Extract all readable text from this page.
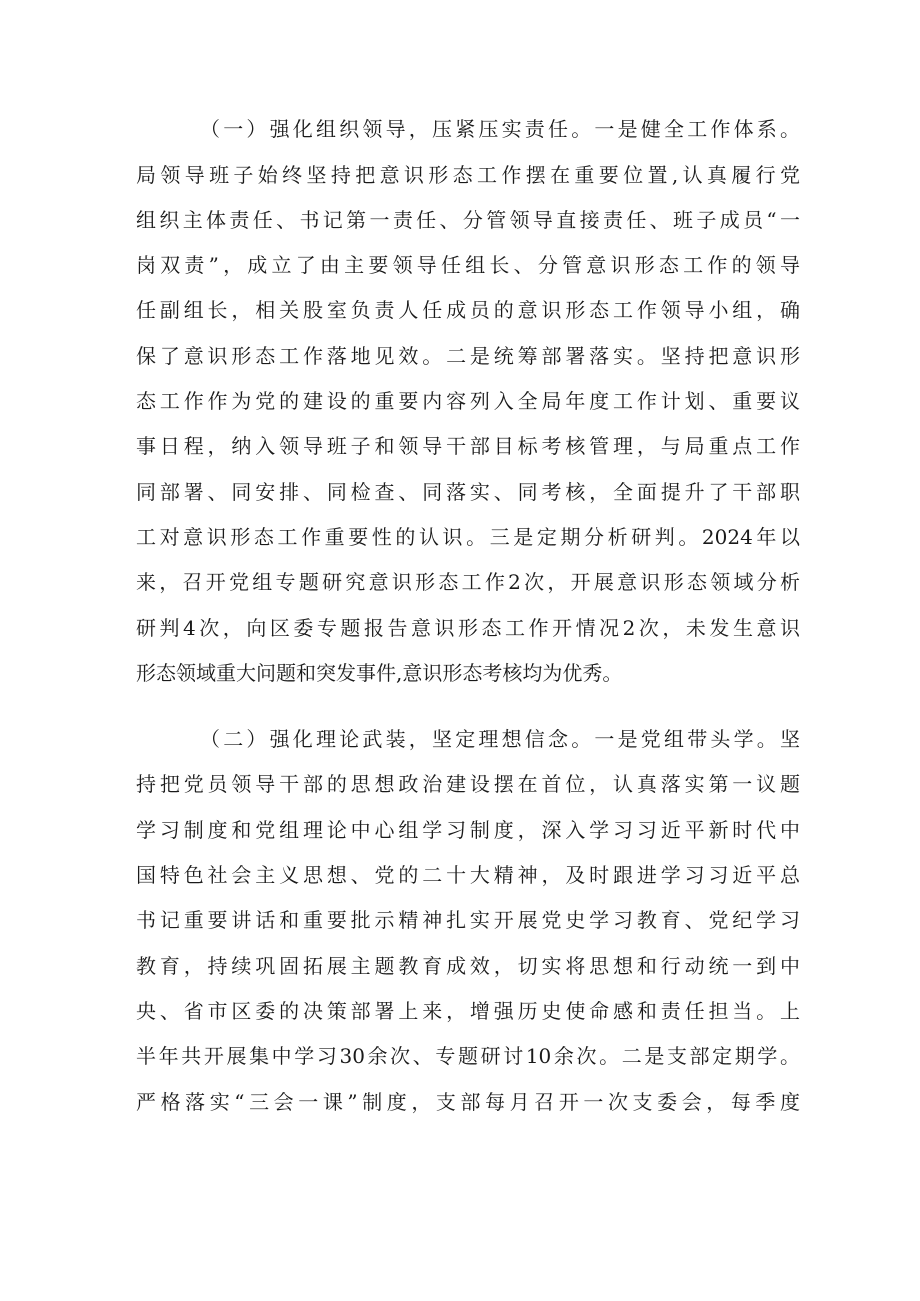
（一）强化组织领导，压紧压实责任。一是健全工作体系。
局领导班子始终坚持把意识形态工作摆在重要位置,认真履行党
组织主体责任、书记第一责任、分管领导直接责任、班子成员“一
岗双责”，成立了由主要领导任组长、分管意识形态工作的领导
任副组长，相关股室负责人任成员的意识形态工作领导小组，确
保了意识形态工作落地见效。二是统筹部署落实。坚持把意识形
态工作作为党的建设的重要内容列入全局年度工作计划、重要议
事日程，纳入领导班子和领导干部目标考核管理，与局重点工作
同部署、同安排、同检查、同落实、同考核，全面提升了干部职
工对意识形态工作重要性的认识。三是定期分析研判。2024年以
来，召开党组专题研究意识形态工作2次，开展意识形态领域分析
研判4次，向区委专题报告意识形态工作开情况2次，未发生意识
形态领域重大问题和突发事件,意识形态考核均为优秀。
（二）强化理论武装，坚定理想信念。一是党组带头学。坚
持把党员领导干部的思想政治建设摆在首位，认真落实第一议题
学习制度和党组理论中心组学习制度，深入学习习近平新时代中
国特色社会主义思想、党的二十大精神，及时跟进学习习近平总
书记重要讲话和重要批示精神扎实开展党史学习教育、党纪学习
教育，持续巩固拓展主题教育成效，切实将思想和行动统一到中
央、省市区委的决策部署上来，增强历史使命感和责任担当。上
半年共开展集中学习30余次、专题研讨10余次。二是支部定期学。
严格落实“三会一课”制度，支部每月召开一次支委会，每季度
